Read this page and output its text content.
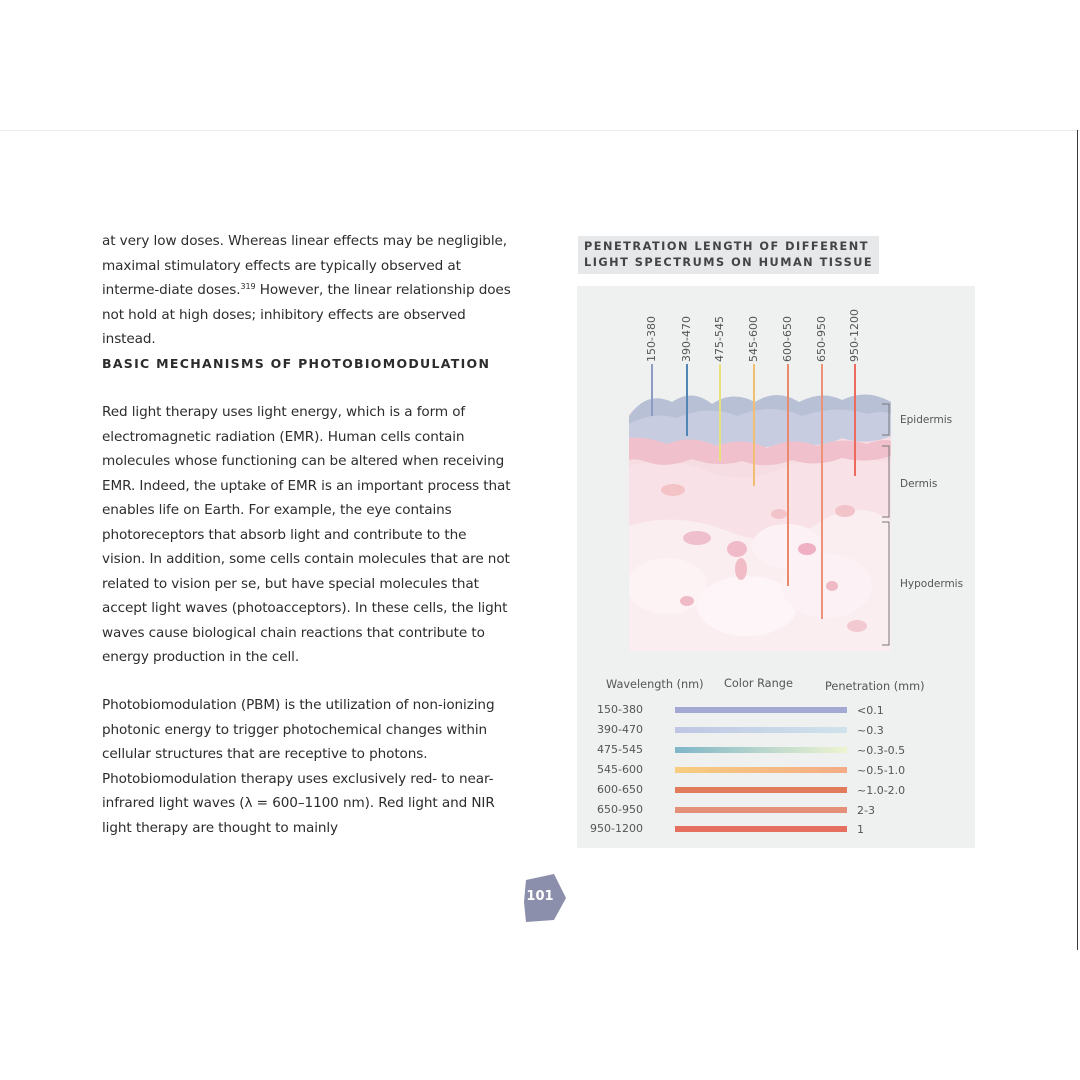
at very low doses. Whereas linear effects may be negligible, maximal stimulatory effects are typically observed at interme-diate doses.$^{319}$ However, the linear relationship does not hold at high doses; inhibitory effects are observed instead.

BASIC MECHANISMS OF PHOTOBIOMODULATION

Red light therapy uses light energy, which is a form of electromagnetic radiation (EMR). Human cells contain molecules whose functioning can be altered when receiving EMR. Indeed, the uptake of EMR is an important process that enables life on Earth. For example, the eye contains photoreceptors that absorb light and contribute to the vision. In addition, some cells contain molecules that are not related to vision per se, but have special molecules that accept light waves (photoacceptors). In these cells, the light waves cause biological chain reactions that contribute to energy production in the cell.

Photobiomodulation (PBM) is the utilization of non-ionizing photonic energy to trigger photochemical changes within cellular structures that are receptive to photons. Photobiomodulation therapy uses exclusively red- to near-infrared light waves (λ = 600–1100 nm). Red light and NIR light therapy are thought to mainly

PENETRATION LENGTH OF DIFFERENT
LIGHT SPECTRUMS ON HUMAN TISSUE
150-380 390-470 475-545 545-600 600-650 650-950 950-1200
Epidermis
Dermis
Hypodermis
Wavelength (nm) Color Range	Penetration (mm)
150-380	<0.1
390-470	~0.3
475-545	~0.3-0.5
545-600	~0.5-1.0
600-650	~1.0-2.0
650-950	2-3
950-1200	1
101
